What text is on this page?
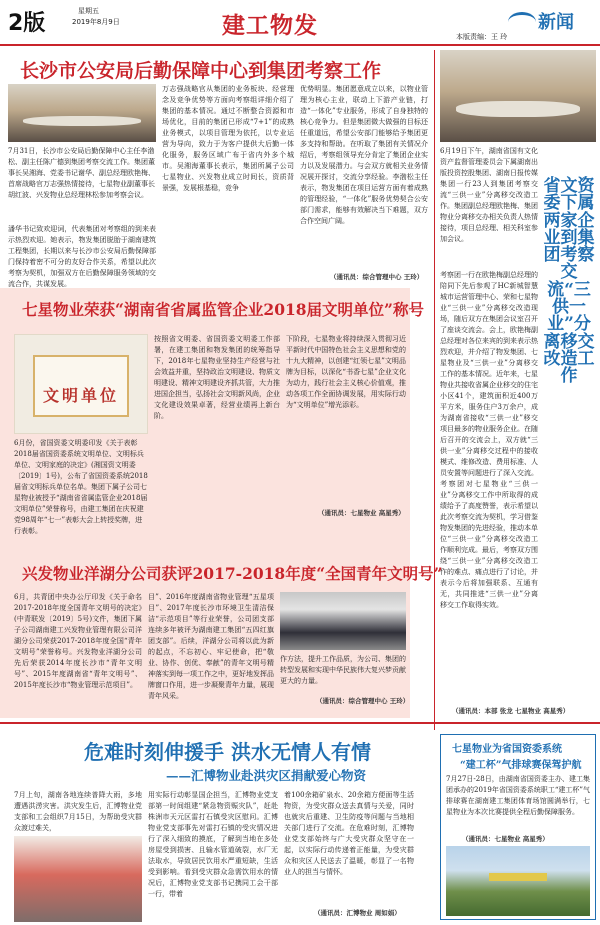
2版	星期五
2019年8月9日	建工物发	本版责编：王 玲
新闻
长沙市公安局后勤保障中心到集团考察工作
7月31日，长沙市公安局后勤保障中心主任李渤松、副主任陈广德到集团考察交流工作。集团董事长吴湘海、党委书记谢华、副总经理欧艳梅、首席战略官万志强热情接待，七星物业副董事长胡红波、兴发物业总经理林松参加考察会议。
潘华书记致欢迎词，代表集团对考察组的到来表示热烈欢迎。她表示，物发集团脱胎于湖南建筑工程集团，长期以来与长沙市公安局后勤保障部门保持着密不可分的友好合作关系，希望以此次考察为契机，加强双方在后勤保障服务领域的交流合作，共谋发展。
万志强战略官从集团的业务板块、经营理念及竞争优势等方面向考察组详细介绍了集团的基本情况。通过不断整合资源和市场优化，目前的集团已形成“7+1”的成熟业务模式，以项目管理为依托，以专业运营为导向，致力于为客户提供大后勤一体化服务，服务区域广布于省内外多个城市。吴湘海董事长表示，集团所属子公司七星物业、兴发物业成立时间长，资质背景强，发展根基稳，竞争
优势明显。集团愿意成立以来，以物业管理为核心主业，联动上下游产业链，打造“一体化”专业服务，形成了自身独特的核心竞争力。但是集团微大做强的目标还任重道远，希望公安部门能够给予集团更多支持和帮助。在听取了集团有关情况介绍后，考察组领导充分肯定了集团企业实力以及发展潜力。与会双方就相关业务情况展开探讨，交流分享经验。李渤松主任表示，物发集团在项目运营方面有着成熟的管理经验，“一体化”服务优势契合公安部门需求，能够有效解决当下难题，双方合作空间广阔。
（通讯员：综合管理中心 王玲）
6月19日下午，湖南省国有文化资产监督管理委员会下属湖南出版投资控股集团、湖南日报传媒集团一行23人到集团考察交流“三供一业”分离移交改造工作。集团副总经理欧艳梅、集团物业分离移交办相关负责人热情接待，项目总经理、相关科室参加会议。
省文资委下属两家企业到集团考察交流“三供一业”分离移交改造工作
考察团一行在欧艳梅副总经理的陪同下先后参观了HC新城智慧城市运营管理中心、荣和七星物业“三供一业”分离移交改造现场，随后双方在集团会议室召开了座谈交流会。会上，欧艳梅副总经理对各位来宾的到来表示热烈欢迎，并介绍了物发集团、七星物业及“三供一业”分离移交工作的基本情况。近年来，七星物业共接收省属企业移交的住宅小区41个，建筑面积近400万平方米，服务住户3万余户，成为湖南省接收“三供一业”移交项目最多的物业服务企业。在随后召开的交流会上，双方就“三供一业”分离移交过程中的接收模式、维修改造、费用标准、人员安置等问题进行了深入交流。考察团对七星物业“三供一业”分离移交工作中所取得的成绩给予了高度赞誉，表示希望以此次考察交流为契机，学习借鉴物发集团的先进经验，推动本单位“三供一业”分离移交改造工作顺利完成。最后，考察双方围绕“三供一业”分离移交改造工作的难点、痛点进行了讨论，并表示今后将加强联系、互通有无，共同推进“三供一业”分离移交工作取得实效。
（通讯员：本部 张龙 七星物业 高星秀）
七星物业荣获“湖南省省属监管企业2018届文明单位”称号
文明单位
6月份，省国资委文明委印发《关于表彰2018届省国资委系统文明单位、文明标兵单位、文明家庭的决定》(湘国资文明委〔2019〕1号)，公布了省国资委系统2018届省文明标兵单位名单。集团下属子公司七星物业被授予“湖南省省属监管企业2018届文明单位”荣誉称号，由建工集团在庆祝建党98周年“七一”表彰大会上转授奖牌，进行表彰。
按照省文明委、省国资委文明委工作部署，在建工集团和物发集团的统筹指导下，2018年七星物业坚持生产经营与社会效益并重，坚持政治文明建设、物质文明建设、精神文明建设齐抓共管，大力推进国企担当，弘扬社会文明新风尚，企业文化建设效果卓著，经营业绩再上新台阶。
下阶段，七星物业将持续深入贯彻习近平新时代中国特色社会主义思想和党的十九大精神，以创建“红领七星”文明品牌为目标，以深化“书香七星”企业文化为动力，践行社会主义核心价值观，推动各项工作全面协调发展，用实际行动为“文明单位”增光添彩。
（通讯员：七星物业 高星秀）
兴发物业洋湖分公司获评2017-2018年度“全国青年文明号”
6月，共青团中央办公厅印发《关于命名2017-2018年度全国青年文明号的决定》(中青联发〔2019〕5号)文件，集团下属子公司湖南建工兴发物业管理有限公司洋湖分公司荣获2017-2018年度全国“青年文明号”荣誉称号。兴发物业洋湖分公司先后荣获2014年度长沙市“青年文明号”、2015年度湖南省“青年文明号”、2015年度长沙市“物业管理示范项目”。
目”、2016年度湖南省物业管理“五星项目”、2017年度长沙市环境卫生清洁保洁“示范项目”等行业荣誉，公司团支部连续多年被评为湖南建工集团“五四红旗团支部”。后续，洋湖分公司将以此为新的起点，不忘初心、牢记使命，把“敬业、协作、创优、奉献”的青年文明号精神落实到每一项工作之中，更好地发挥品牌窗口作用，进一步凝聚青年力量，展现青年风采。
作方法，提升工作品质，为公司、集团的转型发展和实现中华民族伟大复兴梦贡献更大的力量。
（通讯员：综合管理中心 王玲）
危难时刻伸援手 洪水无情人有情
——汇博物业赴洪灾区捐献爱心物资
7月上旬，湖南各地连续普降大雨，多地遭遇洪涝灾害。洪灾发生后，汇博物业党支部和工会组织7月15日，为帮助受灾群众渡过难关，
用实际行动彰显国企担当，汇博物业党支部第一时间组建“紧急物资赈灾队”，赶赴株洲市天元区雷打石镇受灾区慰问。汇博物业党支部事先对雷打石镇的受灾情况进行了深入细致的摸底，了解到当地在多处房屋受到损害、且输水管道破裂，水厂无法取水，导致居民饮用水严重短缺，生活受到影响。看到受灾群众急需饮用水的情况后，汇博物业党支部书记携同工会干部一行，带着
着100余箱矿泉水、20余箱方便面等生活物资，为受灾群众送去真情与关爱，同时也就灾后重建、卫生防疫等问题与当地相关部门进行了交流。在危难时刻，汇博物业党支部始终与广大受灾群众坚守在一起，以实际行动传递着正能量，为受灾群众和灾区人民送去了温暖，彰显了一名物业人的担当与情怀。
（通讯员：汇博物业 周如娟）
七星物业为省国资委系统
“建工杯”气排球赛保驾护航
7月27日-28日，由湖南省国资委主办、建工集团承办的2019年省国资委系统职工“建工杯”气排球赛在湖南建工集团体育场馆圆满举行，七星物业为本次比赛提供全程后勤保障服务。
（通讯员：七星物业 高星秀）
